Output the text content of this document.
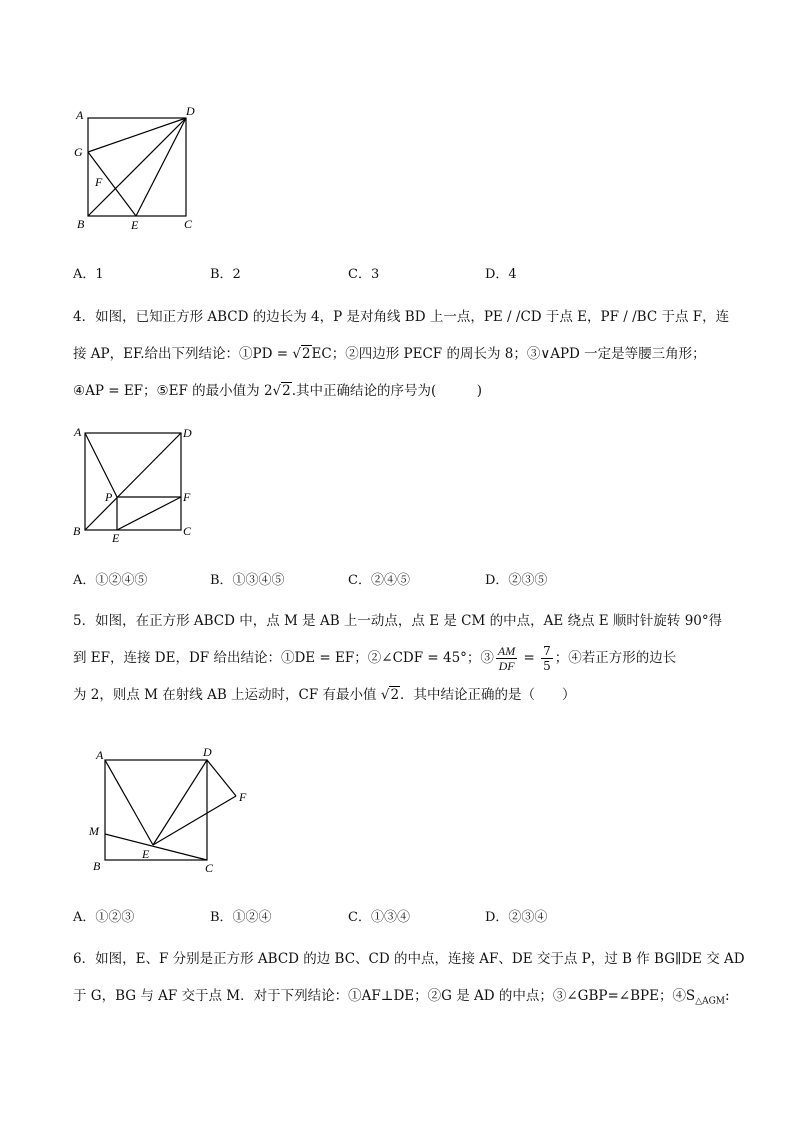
A	D
G
F
B	E	C
A．1	B．2	C．3	D．4

4．如图，已知正方形 ABCD 的边长为 4，P 是对角线 BD 上一点，PE / /CD 于点 E，PF / /BC 于点 F，连

接 AP，EF.给出下列结论：①PD = √2EC；②四边形 PECF 的周长为 8；③∨APD 一定是等腰三角形；

④AP = EF；⑤EF 的最小值为 2√2.其中正确结论的序号为(　　　)

A	D
P	F
B	E	C
A．①②④⑤	B．①③④⑤	C．②④⑤	D．②③⑤

5．如图，在正方形 ABCD 中，点 M 是 AB 上一动点，点 E 是 CM 的中点，AE 绕点 E 顺时针旋转 90°得

到 EF，连接 DE，DF 给出结论：①DE = EF；②∠CDF = 45°；③ $\frac{AM}{DF} = \frac{7}{5}$ ；④若正方形的边长

为 2，则点 M 在射线 AB 上运动时，CF 有最小值 √2．其中结论正确的是（　　）

A	D
F
M
E
B	C
A．①②③	B．①②④	C．①③④	D．②③④

6．如图，E、F 分别是正方形 ABCD 的边 BC、CD 的中点，连接 AF、DE 交于点 P，过 B 作 BG∥DE 交 AD

于 G，BG 与 AF 交于点 M．对于下列结论：①AF⊥DE；②G 是 AD 的中点；③∠GBP=∠BPE；$④S_{\triangle AGM}$:
